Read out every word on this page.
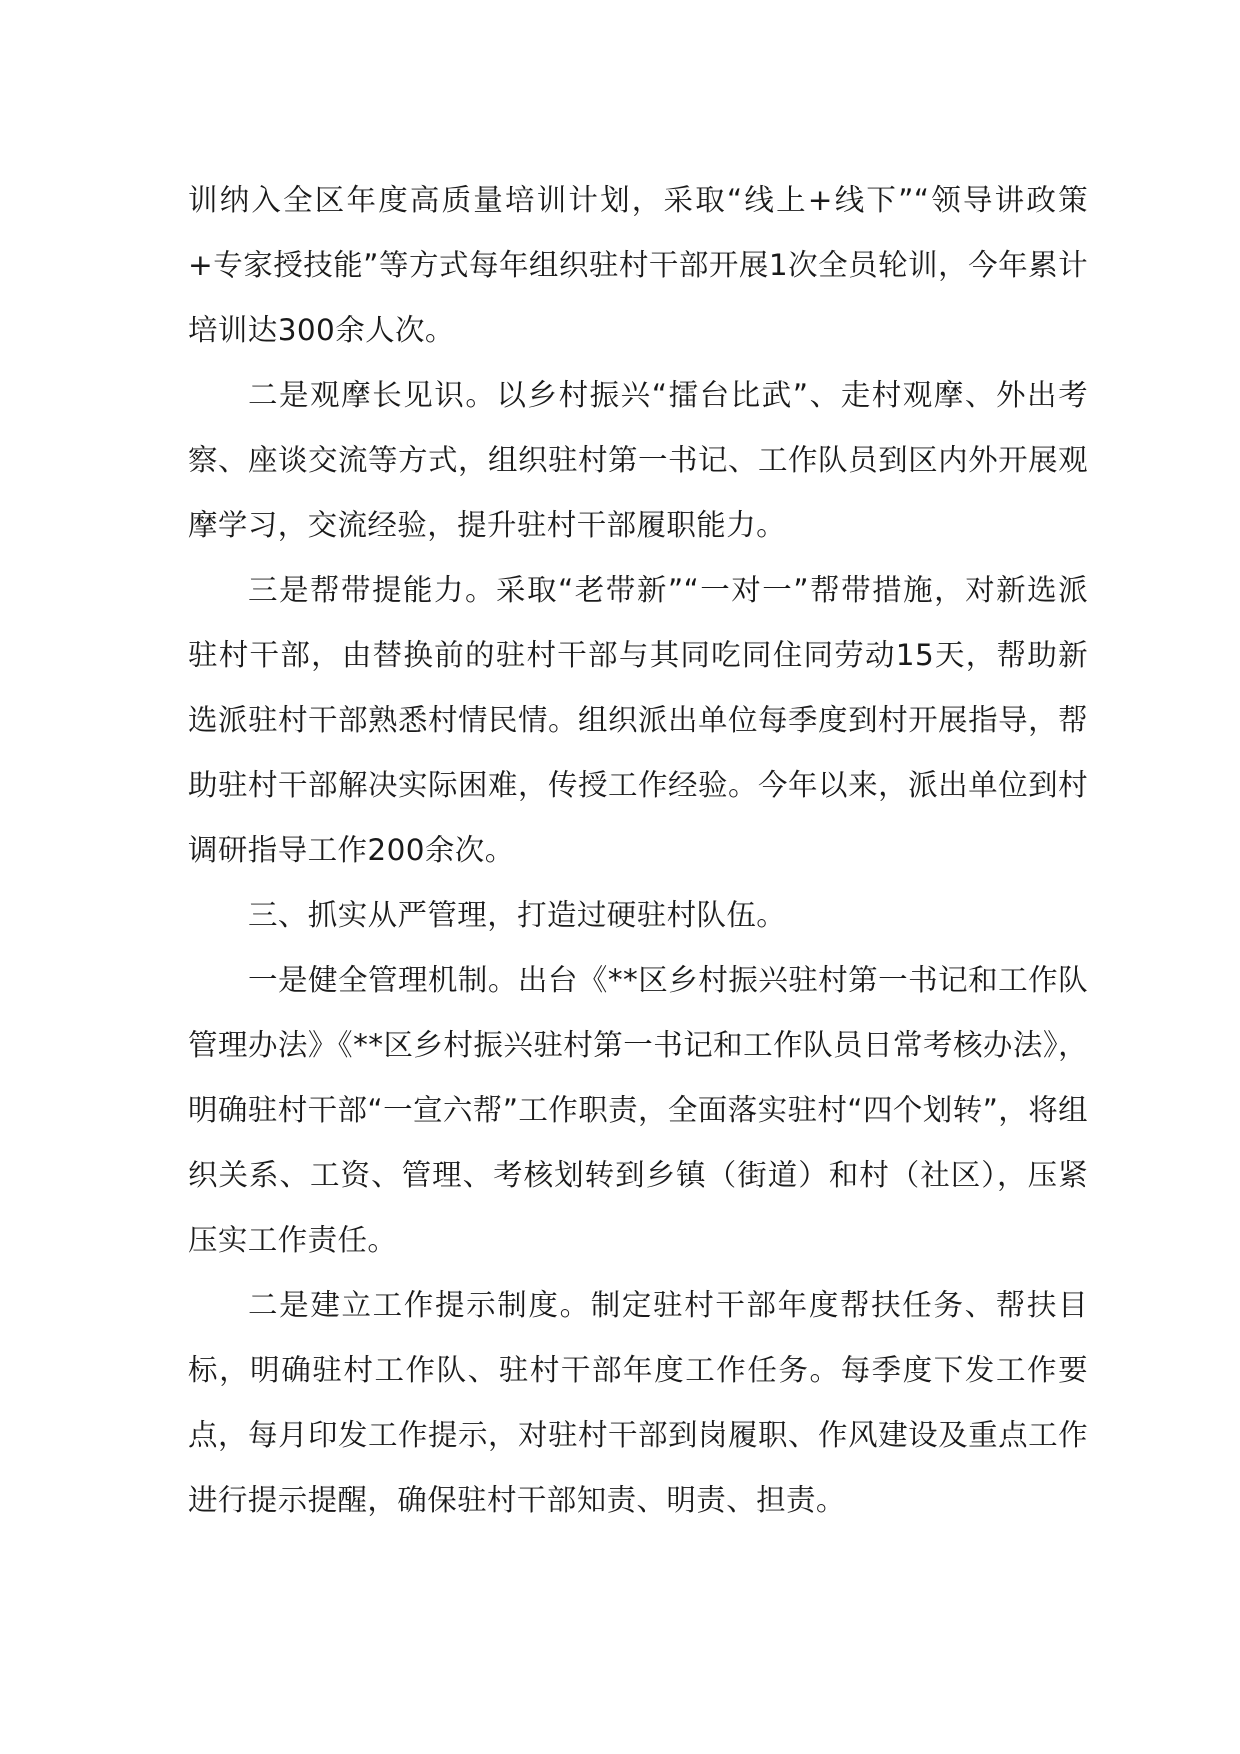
训纳入全区年度高质量培训计划，采取“线上+线下”“领导讲政策+专家授技能”等方式每年组织驻村干部开展1次全员轮训，今年累计培训达300余人次。

二是观摩长见识。以乡村振兴“擂台比武”、走村观摩、外出考察、座谈交流等方式，组织驻村第一书记、工作队员到区内外开展观摩学习，交流经验，提升驻村干部履职能力。

三是帮带提能力。采取“老带新”“一对一”帮带措施，对新选派驻村干部，由替换前的驻村干部与其同吃同住同劳动15天，帮助新选派驻村干部熟悉村情民情。组织派出单位每季度到村开展指导，帮助驻村干部解决实际困难，传授工作经验。今年以来，派出单位到村调研指导工作200余次。

三、抓实从严管理，打造过硬驻村队伍。

一是健全管理机制。出台《**区乡村振兴驻村第一书记和工作队管理办法》《**区乡村振兴驻村第一书记和工作队员日常考核办法》，明确驻村干部“一宣六帮”工作职责，全面落实驻村“四个划转”，将组织关系、工资、管理、考核划转到乡镇（街道）和村（社区），压紧压实工作责任。

二是建立工作提示制度。制定驻村干部年度帮扶任务、帮扶目标，明确驻村工作队、驻村干部年度工作任务。每季度下发工作要点，每月印发工作提示，对驻村干部到岗履职、作风建设及重点工作进行提示提醒，确保驻村干部知责、明责、担责。
